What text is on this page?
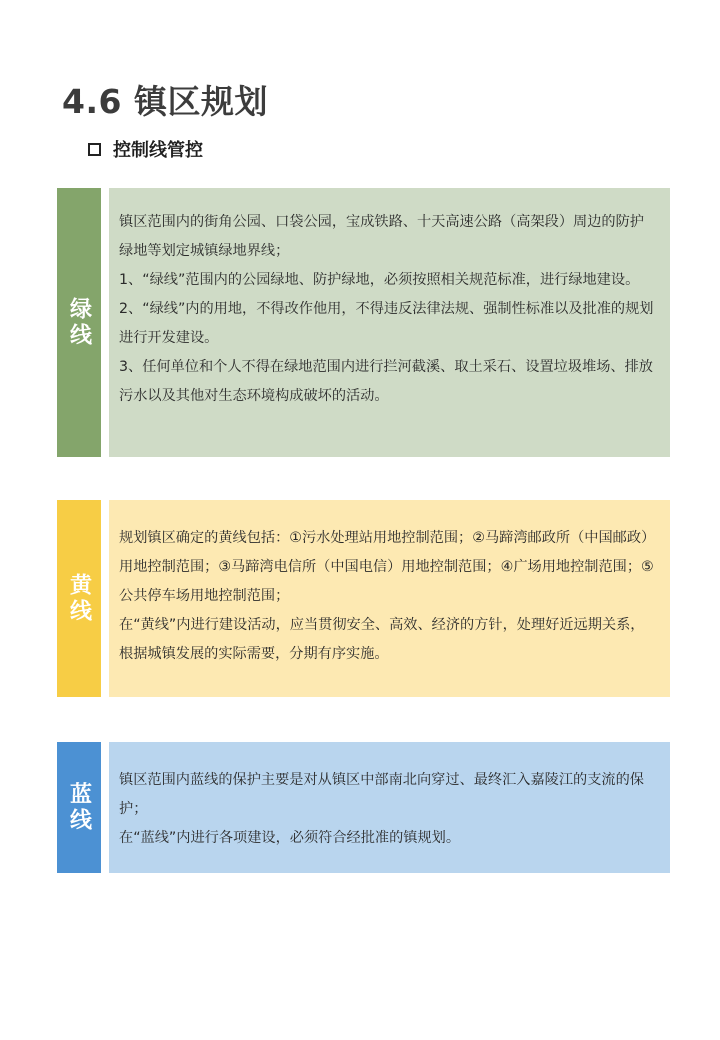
4.6 镇区规划
控制线管控
绿线

镇区范围内的街角公园、口袋公园，宝成铁路、十天高速公路（高架段）周边的防护绿地等划定城镇绿地界线；

1、“绿线”范围内的公园绿地、防护绿地，必须按照相关规范标准，进行绿地建设。

2、“绿线”内的用地，不得改作他用，不得违反法律法规、强制性标准以及批准的规划进行开发建设。

3、任何单位和个人不得在绿地范围内进行拦河截溪、取土采石、设置垃圾堆场、排放污水以及其他对生态环境构成破坏的活动。

黄线

规划镇区确定的黄线包括：①污水处理站用地控制范围；②马蹄湾邮政所（中国邮政）用地控制范围；③马蹄湾电信所（中国电信）用地控制范围；④广场用地控制范围；⑤公共停车场用地控制范围；

在“黄线”内进行建设活动，应当贯彻安全、高效、经济的方针，处理好近远期关系，根据城镇发展的实际需要，分期有序实施。

蓝线

镇区范围内蓝线的保护主要是对从镇区中部南北向穿过、最终汇入嘉陵江的支流的保护；

在“蓝线”内进行各项建设，必须符合经批准的镇规划。
